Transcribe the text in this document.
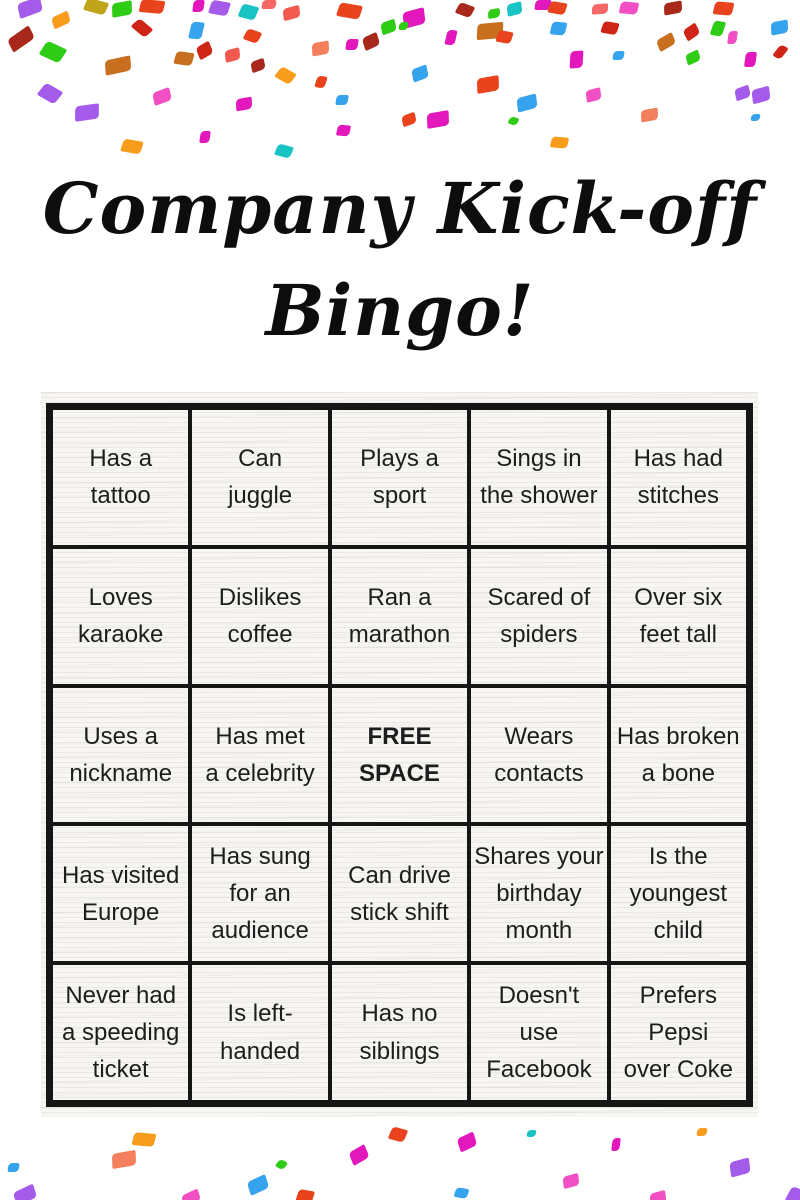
Company Kick-off
Bingo!
Has a
tattoo
Can
juggle
Plays a
sport
Sings in
the shower
Has had
stitches
Loves
karaoke
Dislikes
coffee
Ran a
marathon
Scared of
spiders
Over six
feet tall
Uses a
nickname
Has met
a celebrity
FREE
SPACE
Wears
contacts
Has broken
a bone
Has visited
Europe
Has sung
for an
audience
Can drive
stick shift
Shares your
birthday
month
Is the
youngest
child
Never had
a speeding
ticket
Is left-
handed
Has no
siblings
Doesn't
use
Facebook
Prefers
Pepsi
over Coke
